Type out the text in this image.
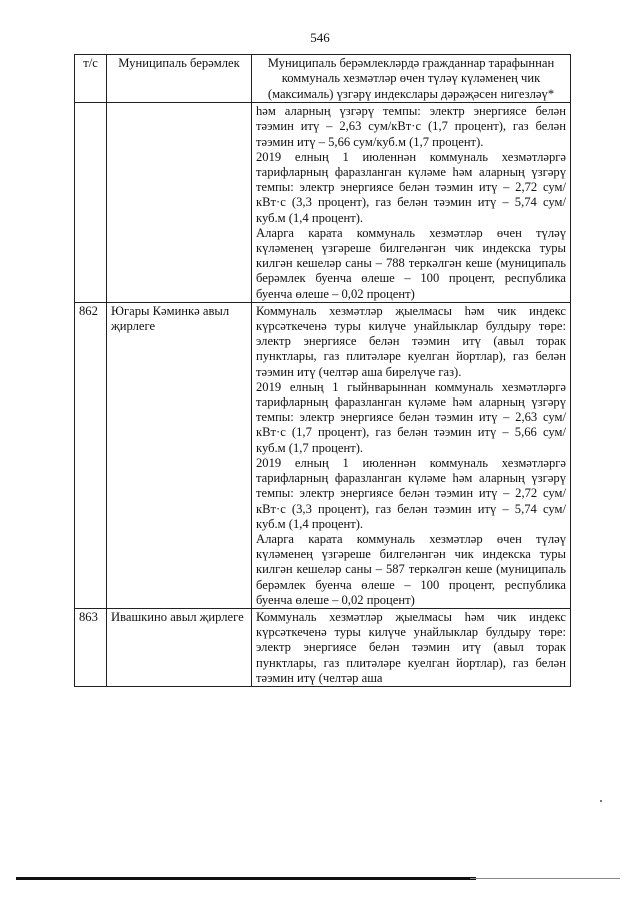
546
т/с	Муниципаль берәмлек	Муниципаль берәмлекләрдә гражданнар тарафыннан коммуналь хезмәтләр өчен түләү күләменең чик (максималь) үзгәрү индекслары дәрәҗәсен нигезләү*

		һәм аларның үзгәрү темпы: электр энергиясе белән тәэмин итү – 2,63 сум/кВт·с (1,7 процент), газ белән тәэмин итү – 5,66 сум/куб.м (1,7 процент).

2019 елның 1 июленнән коммуналь хезмәтләргә тарифларның фаразланган күләме һәм аларның үзгәрү темпы: электр энергиясе белән тәэмин итү – 2,72 сум/кВт·с (3,3 процент), газ белән тәэмин итү – 5,74 сум/куб.м (1,4 процент).

Аларга карата коммуналь хезмәтләр өчен түләү күләменең үзгәреше билгеләнгән чик индекска туры килгән кешеләр саны – 788 теркәлгән кеше (муниципаль берәмлек буенча өлеше – 100 процент, республика буенча өлеше – 0,02 процент)

862	Югары Кәминкә авыл җирлеге	Коммуналь хезмәтләр җыелмасы һәм чик индекс күрсәткеченә туры килүче унайлыклар булдыру төре: электр энергиясе белән тәэмин итү (авыл торак пунктлары, газ плитәләре куелган йортлар), газ белән тәэмин итү (челтәр аша бирелүче газ).

2019 елның 1 гыйнварыннан коммуналь хезмәтләргә тарифларның фаразланган күләме һәм аларның үзгәрү темпы: электр энергиясе белән тәэмин итү – 2,63 сум/кВт·с (1,7 процент), газ белән тәэмин итү – 5,66 сум/куб.м (1,7 процент).

2019 елның 1 июленнән коммуналь хезмәтләргә тарифларның фаразланган күләме һәм аларның үзгәрү темпы: электр энергиясе белән тәэмин итү – 2,72 сум/кВт·с (3,3 процент), газ белән тәэмин итү – 5,74 сум/куб.м (1,4 процент).

Аларга карата коммуналь хезмәтләр өчен түләү күләменең үзгәреше билгеләнгән чик индекска туры килгән кешеләр саны – 587 теркәлгән кеше (муниципаль берәмлек буенча өлеше – 100 процент, республика буенча өлеше – 0,02 процент)

863	Ивашкино авыл җирлеге	Коммуналь хезмәтләр җыелмасы һәм чик индекс күрсәткеченә туры килүче унайлыклар булдыру төре: электр энергиясе белән тәэмин итү (авыл торак пунктлары, газ плитәләре куелган йортлар), газ белән тәэмин итү (челтәр аша
